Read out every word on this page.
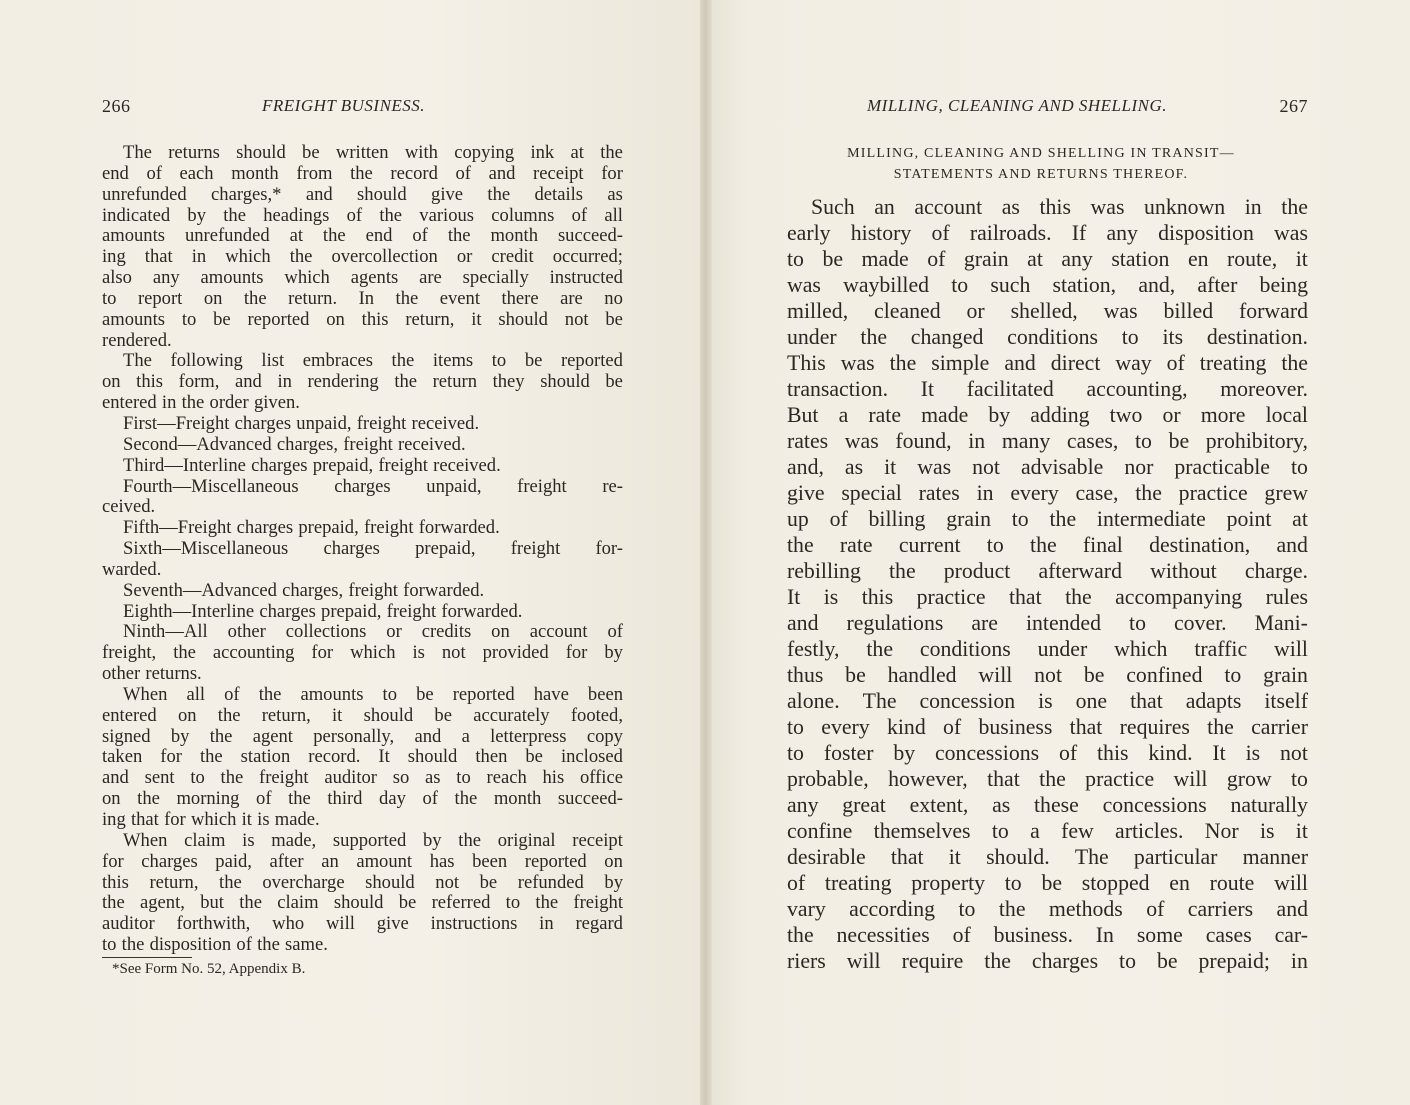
266	FREIGHT BUSINESS.
The returns should be written with copying ink at the
end of each month from the record of and receipt for
unrefunded charges,* and should give the details as
indicated by the headings of the various columns of all
amounts unrefunded at the end of the month succeed-
ing that in which the overcollection or credit occurred;
also any amounts which agents are specially instructed
to report on the return. In the event there are no
amounts to be reported on this return, it should not be
rendered.
The following list embraces the items to be reported
on this form, and in rendering the return they should be
entered in the order given.
First—Freight charges unpaid, freight received.
Second—Advanced charges, freight received.
Third—Interline charges prepaid, freight received.
Fourth—Miscellaneous charges unpaid, freight re-
ceived.
Fifth—Freight charges prepaid, freight forwarded.
Sixth—Miscellaneous charges prepaid, freight for-
warded.
Seventh—Advanced charges, freight forwarded.
Eighth—Interline charges prepaid, freight forwarded.
Ninth—All other collections or credits on account of
freight, the accounting for which is not provided for by
other returns.
When all of the amounts to be reported have been
entered on the return, it should be accurately footed,
signed by the agent personally, and a letterpress copy
taken for the station record. It should then be inclosed
and sent to the freight auditor so as to reach his office
on the morning of the third day of the month succeed-
ing that for which it is made.
When claim is made, supported by the original receipt
for charges paid, after an amount has been reported on
this return, the overcharge should not be refunded by
the agent, but the claim should be referred to the freight
auditor forthwith, who will give instructions in regard
to the disposition of the same.
*See Form No. 52, Appendix B.
MILLING, CLEANING AND SHELLING.	267
MILLING, CLEANING AND SHELLING IN TRANSIT—
STATEMENTS AND RETURNS THEREOF.
Such an account as this was unknown in the
early history of railroads. If any disposition was
to be made of grain at any station en route, it
was waybilled to such station, and, after being
milled, cleaned or shelled, was billed forward
under the changed conditions to its destination.
This was the simple and direct way of treating the
transaction. It facilitated accounting, moreover.
But a rate made by adding two or more local
rates was found, in many cases, to be prohibitory,
and, as it was not advisable nor practicable to
give special rates in every case, the practice grew
up of billing grain to the intermediate point at
the rate current to the final destination, and
rebilling the product afterward without charge.
It is this practice that the accompanying rules
and regulations are intended to cover. Mani-
festly, the conditions under which traffic will
thus be handled will not be confined to grain
alone. The concession is one that adapts itself
to every kind of business that requires the carrier
to foster by concessions of this kind. It is not
probable, however, that the practice will grow to
any great extent, as these concessions naturally
confine themselves to a few articles. Nor is it
desirable that it should. The particular manner
of treating property to be stopped en route will
vary according to the methods of carriers and
the necessities of business. In some cases car-
riers will require the charges to be prepaid; in
